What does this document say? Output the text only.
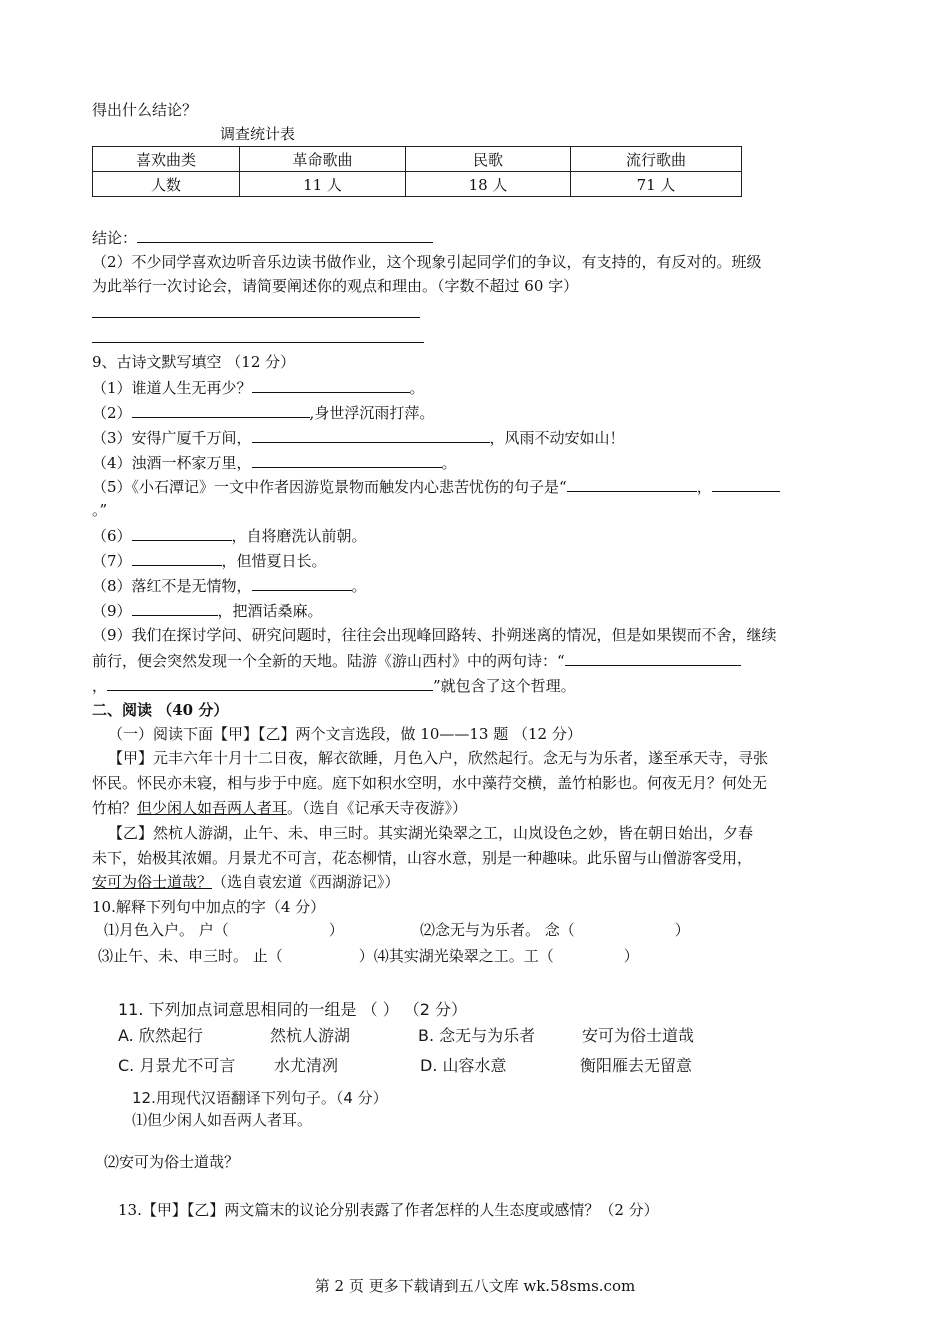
得出什么结论？
调查统计表
喜欢曲类	革命歌曲	民歌	流行歌曲
人数	11 人	18 人	71 人
结论：
（2）不少同学喜欢边听音乐边读书做作业，这个现象引起同学们的争议，有支持的，有反对的。班级
为此举行一次讨论会，请简要阐述你的观点和理由。（字数不超过 60 字）
9、古诗文默写填空 （12 分）
（1）谁道人生无再少？	。
（2）	,身世浮沉雨打萍。
（3）安得广厦千万间，	，风雨不动安如山！
（4）浊酒一杯家万里，	。
（5）《小石潭记》一文中作者因游览景物而触发内心悲苦忧伤的句子是“	，
。”
（6）	，自将磨洗认前朝。
（7）	，但惜夏日长。
（8）落红不是无情物，	。
（9）	，把酒话桑麻。
（9）我们在探讨学问、研究问题时，往往会出现峰回路转、扑朔迷离的情况，但是如果锲而不舍，继续
前行，便会突然发现一个全新的天地。陆游《游山西村》中的两句诗：“
，	”就包含了这个哲理。
二、阅读 （40 分）
（一）阅读下面【甲】【乙】两个文言选段，做 10——13 题 （12 分）
【甲】元丰六年十月十二日夜，解衣欲睡，月色入户，欣然起行。念无与为乐者，遂至承天寺，寻张
怀民。怀民亦未寝，相与步于中庭。庭下如积水空明，水中藻荇交横，盖竹柏影也。何夜无月？何处无
竹柏？但少闲人如吾两人者耳。（选自《记承天寺夜游》）
【乙】然杭人游湖，止午、未、申三时。其实湖光染翠之工，山岚设色之妙，皆在朝日始出，夕春
未下，始极其浓媚。月景尤不可言，花态柳情，山容水意，别是一种趣味。此乐留与山僧游客受用，
安可为俗士道哉？（选自袁宏道《西湖游记》）
10.解释下列句中加点的字（4 分）
⑴月色入户。 户（	）	⑵念无与为乐者。 念（	）
⑶止午、未、申三时。 止（	）⑷其实湖光染翠之工。工（	）
11. 下列加点词意思相同的一组是 （ ） （2 分）
A. 欣然起行	然杭人游湖	B. 念无与为乐者	安可为俗士道哉
C. 月景尤不可言 水尤清冽	D. 山容水意	衡阳雁去无留意
12.用现代汉语翻译下列句子。（4 分）
⑴但少闲人如吾两人者耳。
⑵安可为俗士道哉？
13.【甲】【乙】两文篇末的议论分别表露了作者怎样的人生态度或感情？（2 分）
第 2 页 更多下载请到五八文库 wk.58sms.com
